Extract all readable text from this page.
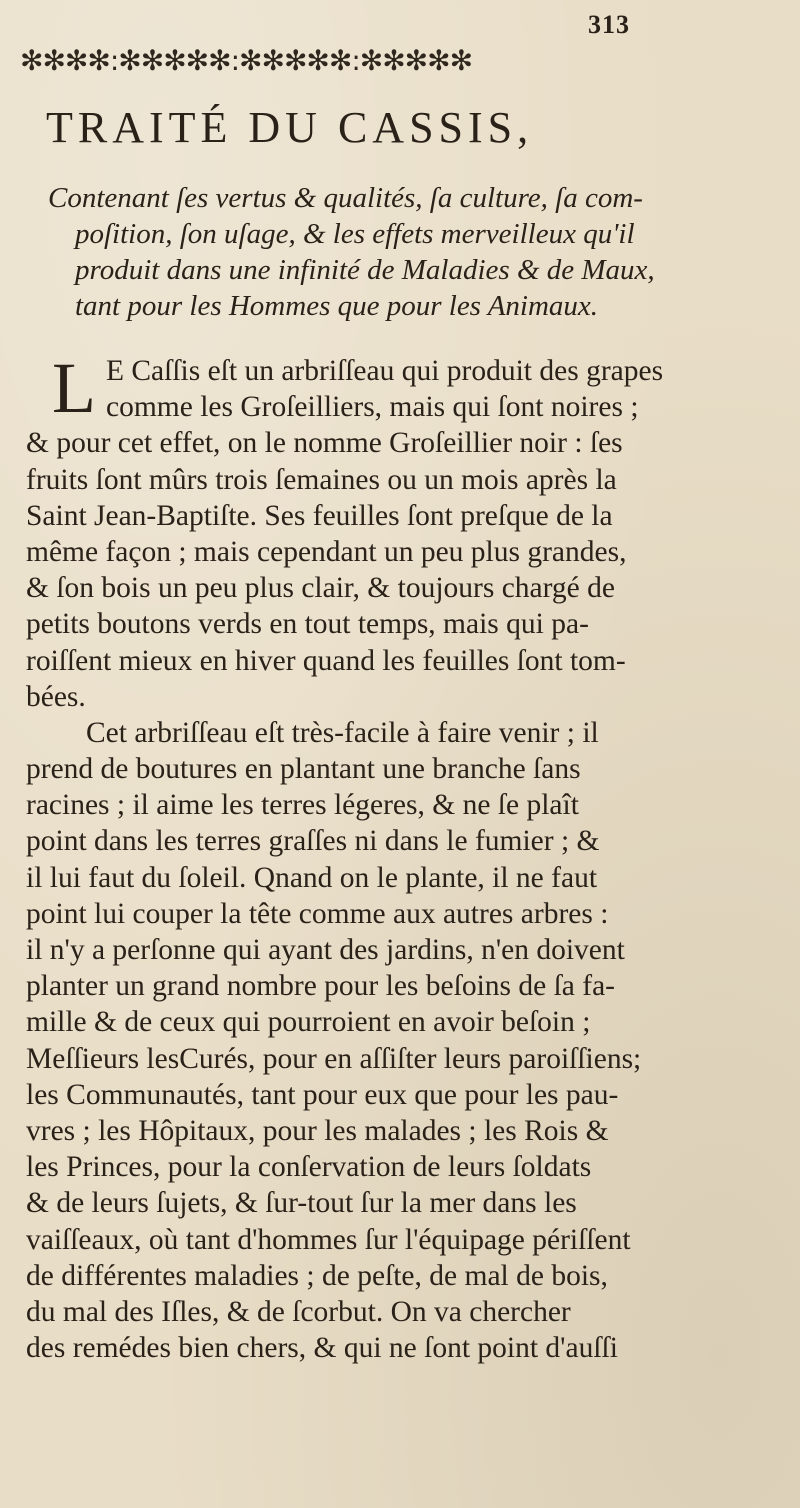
313
✻✻✻✻:✻✻✻✻✻:✻✻✻✻✻:✻✻✻✻✻
TRAITÉ DU CASSIS,

Contenant ſes vertus & qualités, ſa culture, ſa com-
poſition, ſon uſage, & les effets merveilleux qu'il
produit dans une infinité de Maladies & de Maux,
tant pour les Hommes que pour les Animaux.

L E Caſſis eſt un arbriſſeau qui produit des grapes
comme les Groſeilliers, mais qui ſont noires ;
& pour cet effet, on le nomme Groſeillier noir : ſes
fruits ſont mûrs trois ſemaines ou un mois après la
Saint Jean-Baptiſte. Ses feuilles ſont preſque de la
même façon ; mais cependant un peu plus grandes,
& ſon bois un peu plus clair, & toujours chargé de
petits boutons verds en tout temps, mais qui pa-
roiſſent mieux en hiver quand les feuilles ſont tom-
bées.
Cet arbriſſeau eſt très-facile à faire venir ; il
prend de boutures en plantant une branche ſans
racines ; il aime les terres légeres, & ne ſe plaît
point dans les terres graſſes ni dans le fumier ; &
il lui faut du ſoleil. Qnand on le plante, il ne faut
point lui couper la tête comme aux autres arbres :
il n'y a perſonne qui ayant des jardins, n'en doivent
planter un grand nombre pour les beſoins de ſa fa-
mille & de ceux qui pourroient en avoir beſoin ;
Meſſieurs lesCurés, pour en aſſiſter leurs paroiſſiens;
les Communautés, tant pour eux que pour les pau-
vres ; les Hôpitaux, pour les malades ; les Rois &
les Princes, pour la conſervation de leurs ſoldats
& de leurs ſujets, & ſur-tout ſur la mer dans les
vaiſſeaux, où tant d'hommes ſur l'équipage périſſent
de différentes maladies ; de peſte, de mal de bois,
du mal des Iſles, & de ſcorbut. On va chercher
des remédes bien chers, & qui ne ſont point d'auſſi
